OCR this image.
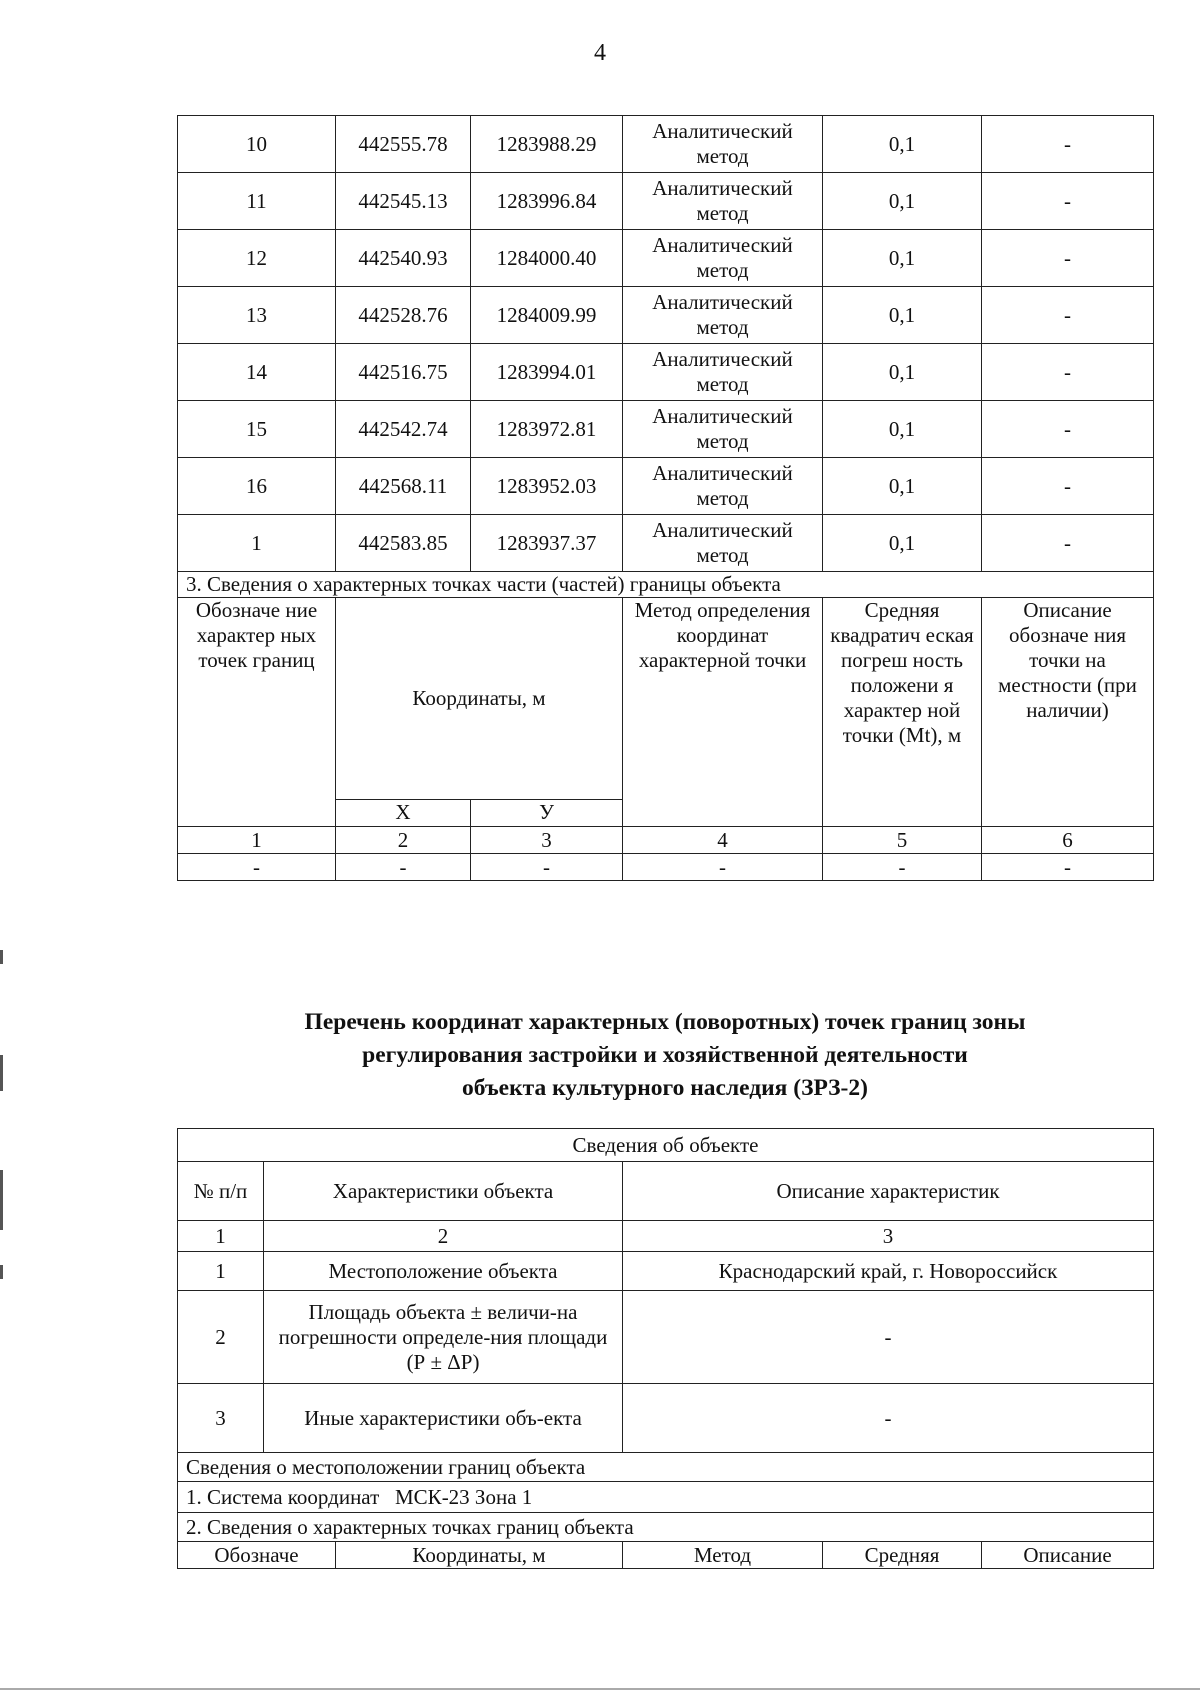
4
10	442555.78	1283988.29	Аналитический метод	0,1	-
11	442545.13	1283996.84	Аналитический метод	0,1	-
12	442540.93	1284000.40	Аналитический метод	0,1	-
13	442528.76	1284009.99	Аналитический метод	0,1	-
14	442516.75	1283994.01	Аналитический метод	0,1	-
15	442542.74	1283972.81	Аналитический метод	0,1	-
16	442568.11	1283952.03	Аналитический метод	0,1	-
1	442583.85	1283937.37	Аналитический метод	0,1	-
3. Сведения о характерных точках части (частей) границы объекта					
Обозначе ние характер ных точек границ	Координаты, м		Метод определения координат характерной точки	Средняя квадратич еская погреш ность положени я характер ной точки (Mt), м	Описание обозначе ния точки на местности (при наличии)
	Х	У			
1	2	3	4	5	6
-	-	-	-	-	-
Перечень координат характерных (поворотных) точек границ зоны
регулирования застройки и хозяйственной деятельности
объекта культурного наследия (ЗРЗ-2)
Сведения об объекте					
№ п/п	Характеристики объекта		Описание характеристик		
1	2		3		
1	Местоположение объекта		Краснодарский край, г. Новороссийск		
2	Площадь объекта ± величи-на погрешности определе-ния площади (Р ± ΔР)		-		
3	Иные характеристики объ-екта		-		
Сведения о местоположении границ объекта					
1. Система координат   МСК-23 Зона 1					
2. Сведения о характерных точках границ объекта					
Обозначе		Координаты, м	Метод	Средняя	Описание
